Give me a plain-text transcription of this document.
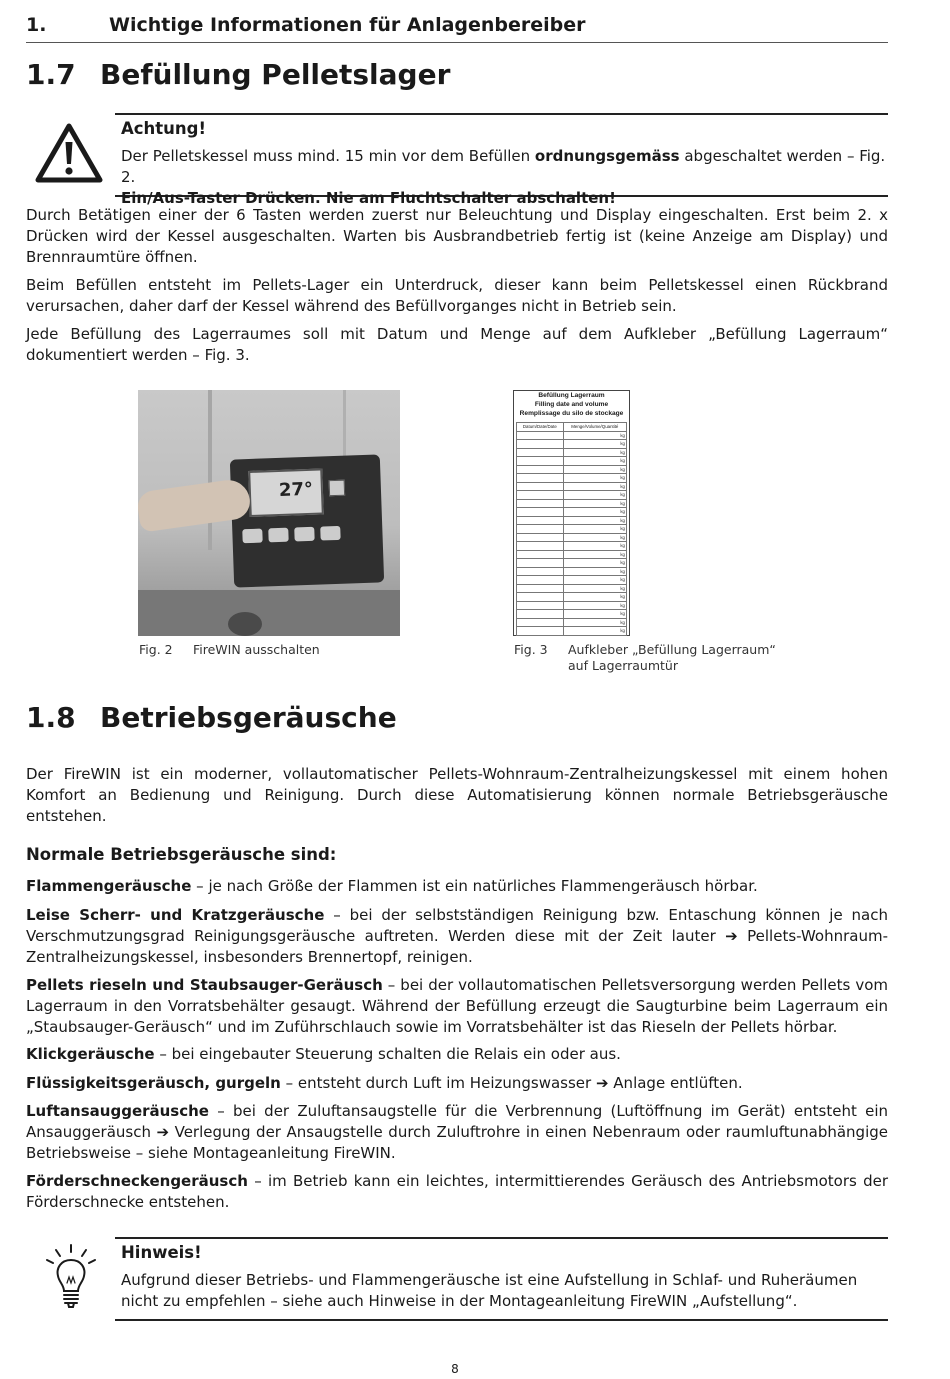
1.	Wichtige Informationen für Anlagenbereiber
1.7 Befüllung Pelletslager
Achtung!
Der Pelletskessel muss mind. 15 min vor dem Befüllen ordnungsgemäss abgeschaltet werden – Fig. 2.
Ein/Aus-Taster Drücken. Nie am Fluchtschalter abschalten!
Durch Betätigen einer der 6 Tasten werden zuerst nur Beleuchtung und Display eingeschalten. Erst beim 2. x Drücken wird der Kessel ausgeschalten. Warten bis Ausbrandbetrieb fertig ist (keine Anzeige am Display) und Brennraumtüre öffnen.
Beim Befüllen entsteht im Pellets-Lager ein Unterdruck, dieser kann beim Pelletskessel einen Rückbrand verursachen, daher darf der Kessel während des Befüllvorganges nicht in Betrieb sein.
Jede Befüllung des Lagerraumes soll mit Datum und Menge auf dem Aufkleber „Befüllung Lagerraum“ dokumentiert werden – Fig. 3.
27°
Fig. 2 FireWIN ausschalten
Befüllung Lagerraum
Filling date and volume
Remplissage du silo de stockage
Datum/Date/Date	Menge/Volume/Quantité
	kg
	kg
	kg
	kg
	kg
	kg
	kg
	kg
	kg
	kg
	kg
	kg
	kg
	kg
	kg
	kg
	kg
	kg
	kg
	kg
	kg
	kg
	kg
	kg
Fig. 3 Aufkleber „Befüllung Lagerraum“
auf Lagerraumtür
1.8 Betriebsgeräusche
Der FireWIN ist ein moderner, vollautomatischer Pellets-Wohnraum-Zentralheizungskessel mit einem hohen Komfort an Bedienung und Reinigung. Durch diese Automatisierung können normale Betriebsgeräusche entstehen.
Normale Betriebsgeräusche sind:
Flammengeräusche – je nach Größe der Flammen ist ein natürliches Flammengeräusch hörbar.
Leise Scherr- und Kratzgeräusche – bei der selbstständigen Reinigung bzw. Entaschung können je nach Verschmutzungsgrad Reinigungsgeräusche auftreten. Werden diese mit der Zeit lauter ➔ Pellets-Wohnraum-Zentralheizungskessel, insbesonders Brennertopf, reinigen.
Pellets rieseln und Staubsauger-Geräusch – bei der vollautomatischen Pelletsversorgung werden Pellets vom Lagerraum in den Vorratsbehälter gesaugt. Während der Befüllung erzeugt die Saugturbine beim Lagerraum ein „Staubsauger-Geräusch“ und im Zuführschlauch sowie im Vorratsbehälter ist das Rieseln der Pellets hörbar.
Klickgeräusche – bei eingebauter Steuerung schalten die Relais ein oder aus.
Flüssigkeitsgeräusch, gurgeln – entsteht durch Luft im Heizungswasser ➔ Anlage entlüften.
Luftansauggeräusche – bei der Zuluftansaugstelle für die Verbrennung (Luftöffnung im Gerät) entsteht ein Ansauggeräusch ➔ Verlegung der Ansaugstelle durch Zuluftrohre in einen Nebenraum oder raumluftunabhängige Betriebsweise – siehe Montageanleitung FireWIN.
Förderschneckengeräusch – im Betrieb kann ein leichtes, intermittierendes Geräusch des Antriebsmotors der Förderschnecke entstehen.
Hinweis!
Aufgrund dieser Betriebs- und Flammengeräusche ist eine Aufstellung in Schlaf- und Ruheräumen nicht zu empfehlen – siehe auch Hinweise in der Montageanleitung FireWIN „Aufstellung“.
8
